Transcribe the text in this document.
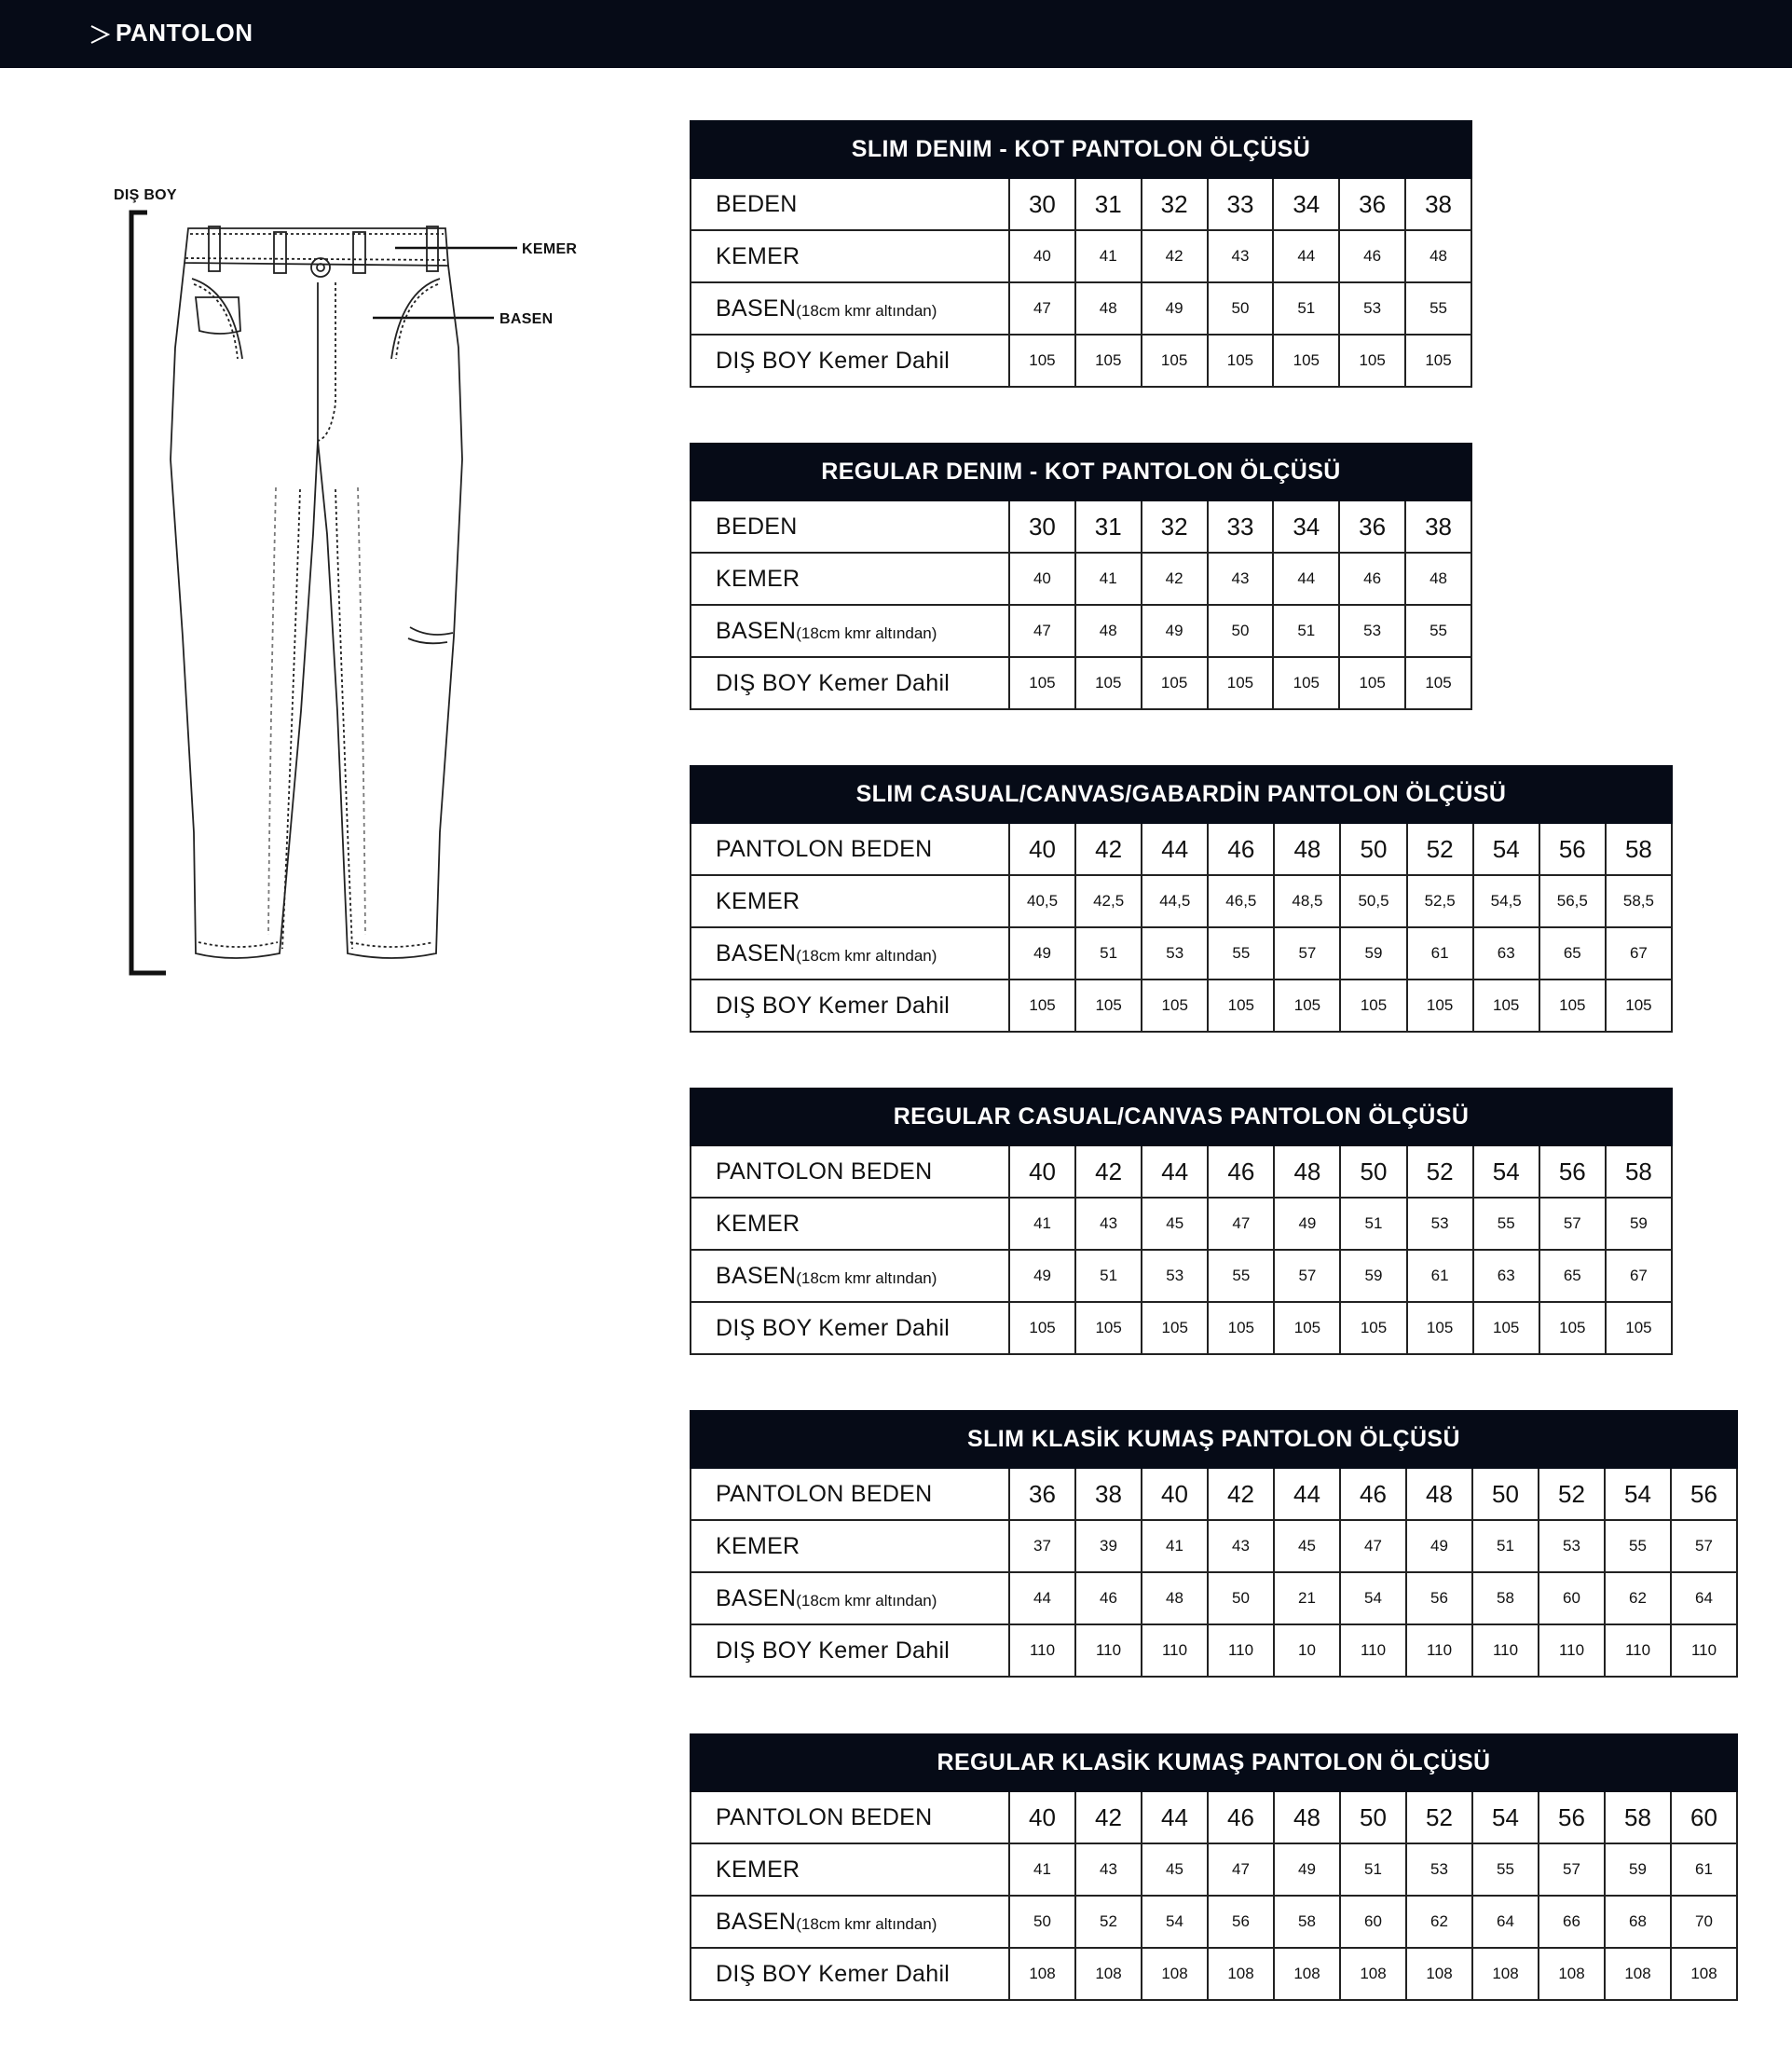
PANTOLON
DIŞ BOY
KEMER
BASEN
SLIM DENIM - KOT PANTOLON ÖLÇÜSÜ							
BEDEN	30	31	32	33	34	36	38
KEMER	40	41	42	43	44	46	48
BASEN(18cm kmr altından)	47	48	49	50	51	53	55
DIŞ BOY Kemer Dahil	105	105	105	105	105	105	105
REGULAR DENIM - KOT PANTOLON ÖLÇÜSÜ							
BEDEN	30	31	32	33	34	36	38
KEMER	40	41	42	43	44	46	48
BASEN(18cm kmr altından)	47	48	49	50	51	53	55
DIŞ BOY Kemer Dahil	105	105	105	105	105	105	105
SLIM CASUAL/CANVAS/GABARDİN PANTOLON ÖLÇÜSÜ										
PANTOLON BEDEN	40	42	44	46	48	50	52	54	56	58
KEMER	40,5	42,5	44,5	46,5	48,5	50,5	52,5	54,5	56,5	58,5
BASEN(18cm kmr altından)	49	51	53	55	57	59	61	63	65	67
DIŞ BOY Kemer Dahil	105	105	105	105	105	105	105	105	105	105
REGULAR CASUAL/CANVAS PANTOLON ÖLÇÜSÜ										
PANTOLON BEDEN	40	42	44	46	48	50	52	54	56	58
KEMER	41	43	45	47	49	51	53	55	57	59
BASEN(18cm kmr altından)	49	51	53	55	57	59	61	63	65	67
DIŞ BOY Kemer Dahil	105	105	105	105	105	105	105	105	105	105
SLIM KLASİK KUMAŞ PANTOLON ÖLÇÜSÜ											
PANTOLON BEDEN	36	38	40	42	44	46	48	50	52	54	56
KEMER	37	39	41	43	45	47	49	51	53	55	57
BASEN(18cm kmr altından)	44	46	48	50	21	54	56	58	60	62	64
DIŞ BOY Kemer Dahil	110	110	110	110	10	110	110	110	110	110	110
REGULAR KLASİK KUMAŞ PANTOLON ÖLÇÜSÜ											
PANTOLON BEDEN	40	42	44	46	48	50	52	54	56	58	60
KEMER	41	43	45	47	49	51	53	55	57	59	61
BASEN(18cm kmr altından)	50	52	54	56	58	60	62	64	66	68	70
DIŞ BOY Kemer Dahil	108	108	108	108	108	108	108	108	108	108	108
